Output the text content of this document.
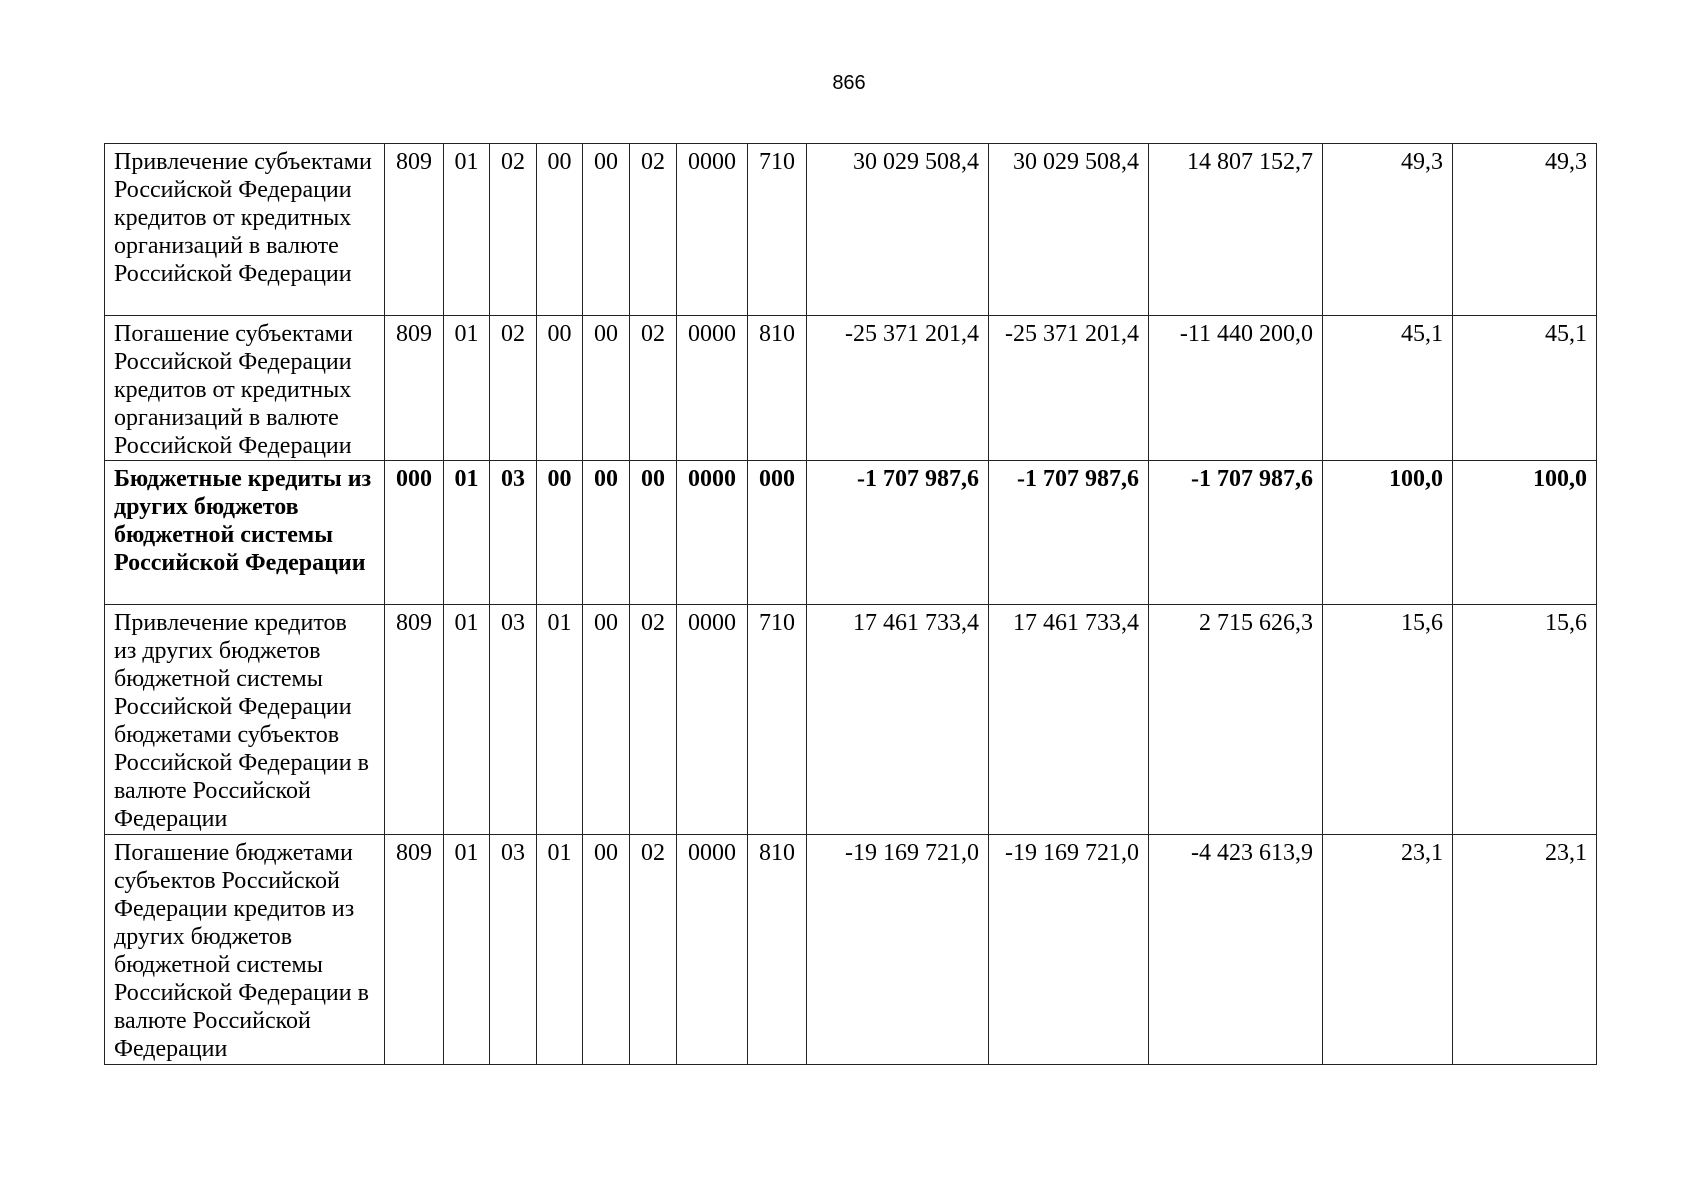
866
Привлечение субъектами Российской Федерации кредитов от кредитных организаций в валюте Российской Федерации	809	01	02	00	00	02	0000	710	30 029 508,4	30 029 508,4	14 807 152,7	49,3	49,3
Погашение субъектами Российской Федерации кредитов от кредитных организаций в валюте Российской Федерации	809	01	02	00	00	02	0000	810	-25 371 201,4	-25 371 201,4	-11 440 200,0	45,1	45,1
Бюджетные кредиты из других бюджетов бюджетной системы Российской Федерации	000	01	03	00	00	00	0000	000	-1 707 987,6	-1 707 987,6	-1 707 987,6	100,0	100,0
Привлечение кредитов из других бюджетов бюджетной системы Российской Федерации бюджетами субъектов Российской Федерации в валюте Российской Федерации	809	01	03	01	00	02	0000	710	17 461 733,4	17 461 733,4	2 715 626,3	15,6	15,6
Погашение бюджетами субъектов Российской Федерации кредитов из других бюджетов бюджетной системы Российской Федерации в валюте Российской Федерации	809	01	03	01	00	02	0000	810	-19 169 721,0	-19 169 721,0	-4 423 613,9	23,1	23,1
